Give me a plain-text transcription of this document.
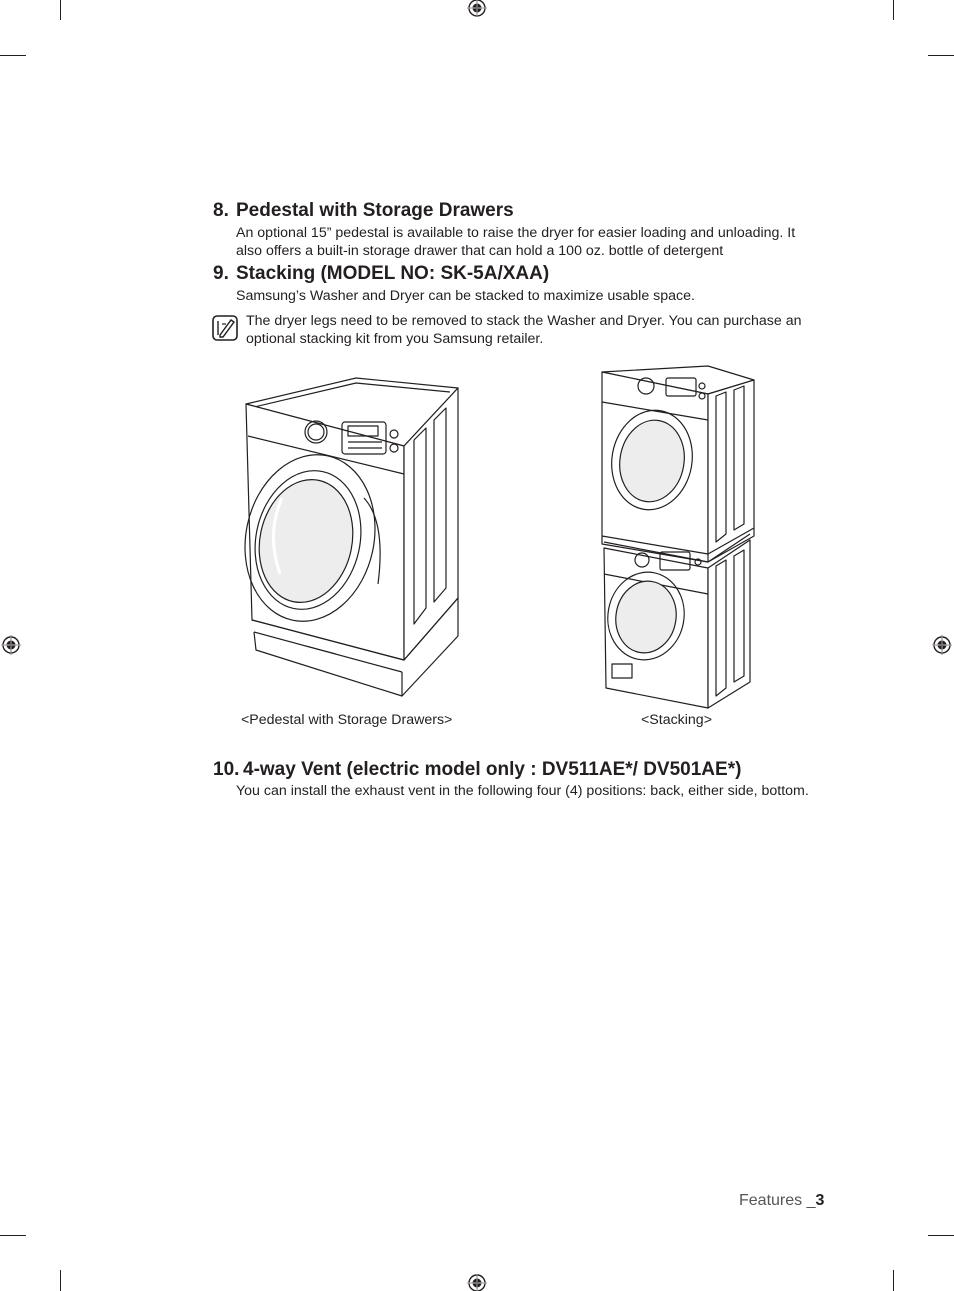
8. Pedestal with Storage Drawers
An optional 15” pedestal is available to raise the dryer for easier loading and unloading. It also offers a built-in storage drawer that can hold a 100 oz. bottle of detergent
9. Stacking (MODEL NO: SK-5A/XAA)
Samsung’s Washer and Dryer can be stacked to maximize usable space.
The dryer legs need to be removed to stack the Washer and Dryer. You can purchase an optional stacking kit from you Samsung retailer.
<Pedestal with Storage Drawers>	<Stacking>
10. 4-way Vent (electric model only : DV511AE*/ DV501AE*)
You can install the exhaust vent in the following four (4) positions: back, either side, bottom.
Features _3
